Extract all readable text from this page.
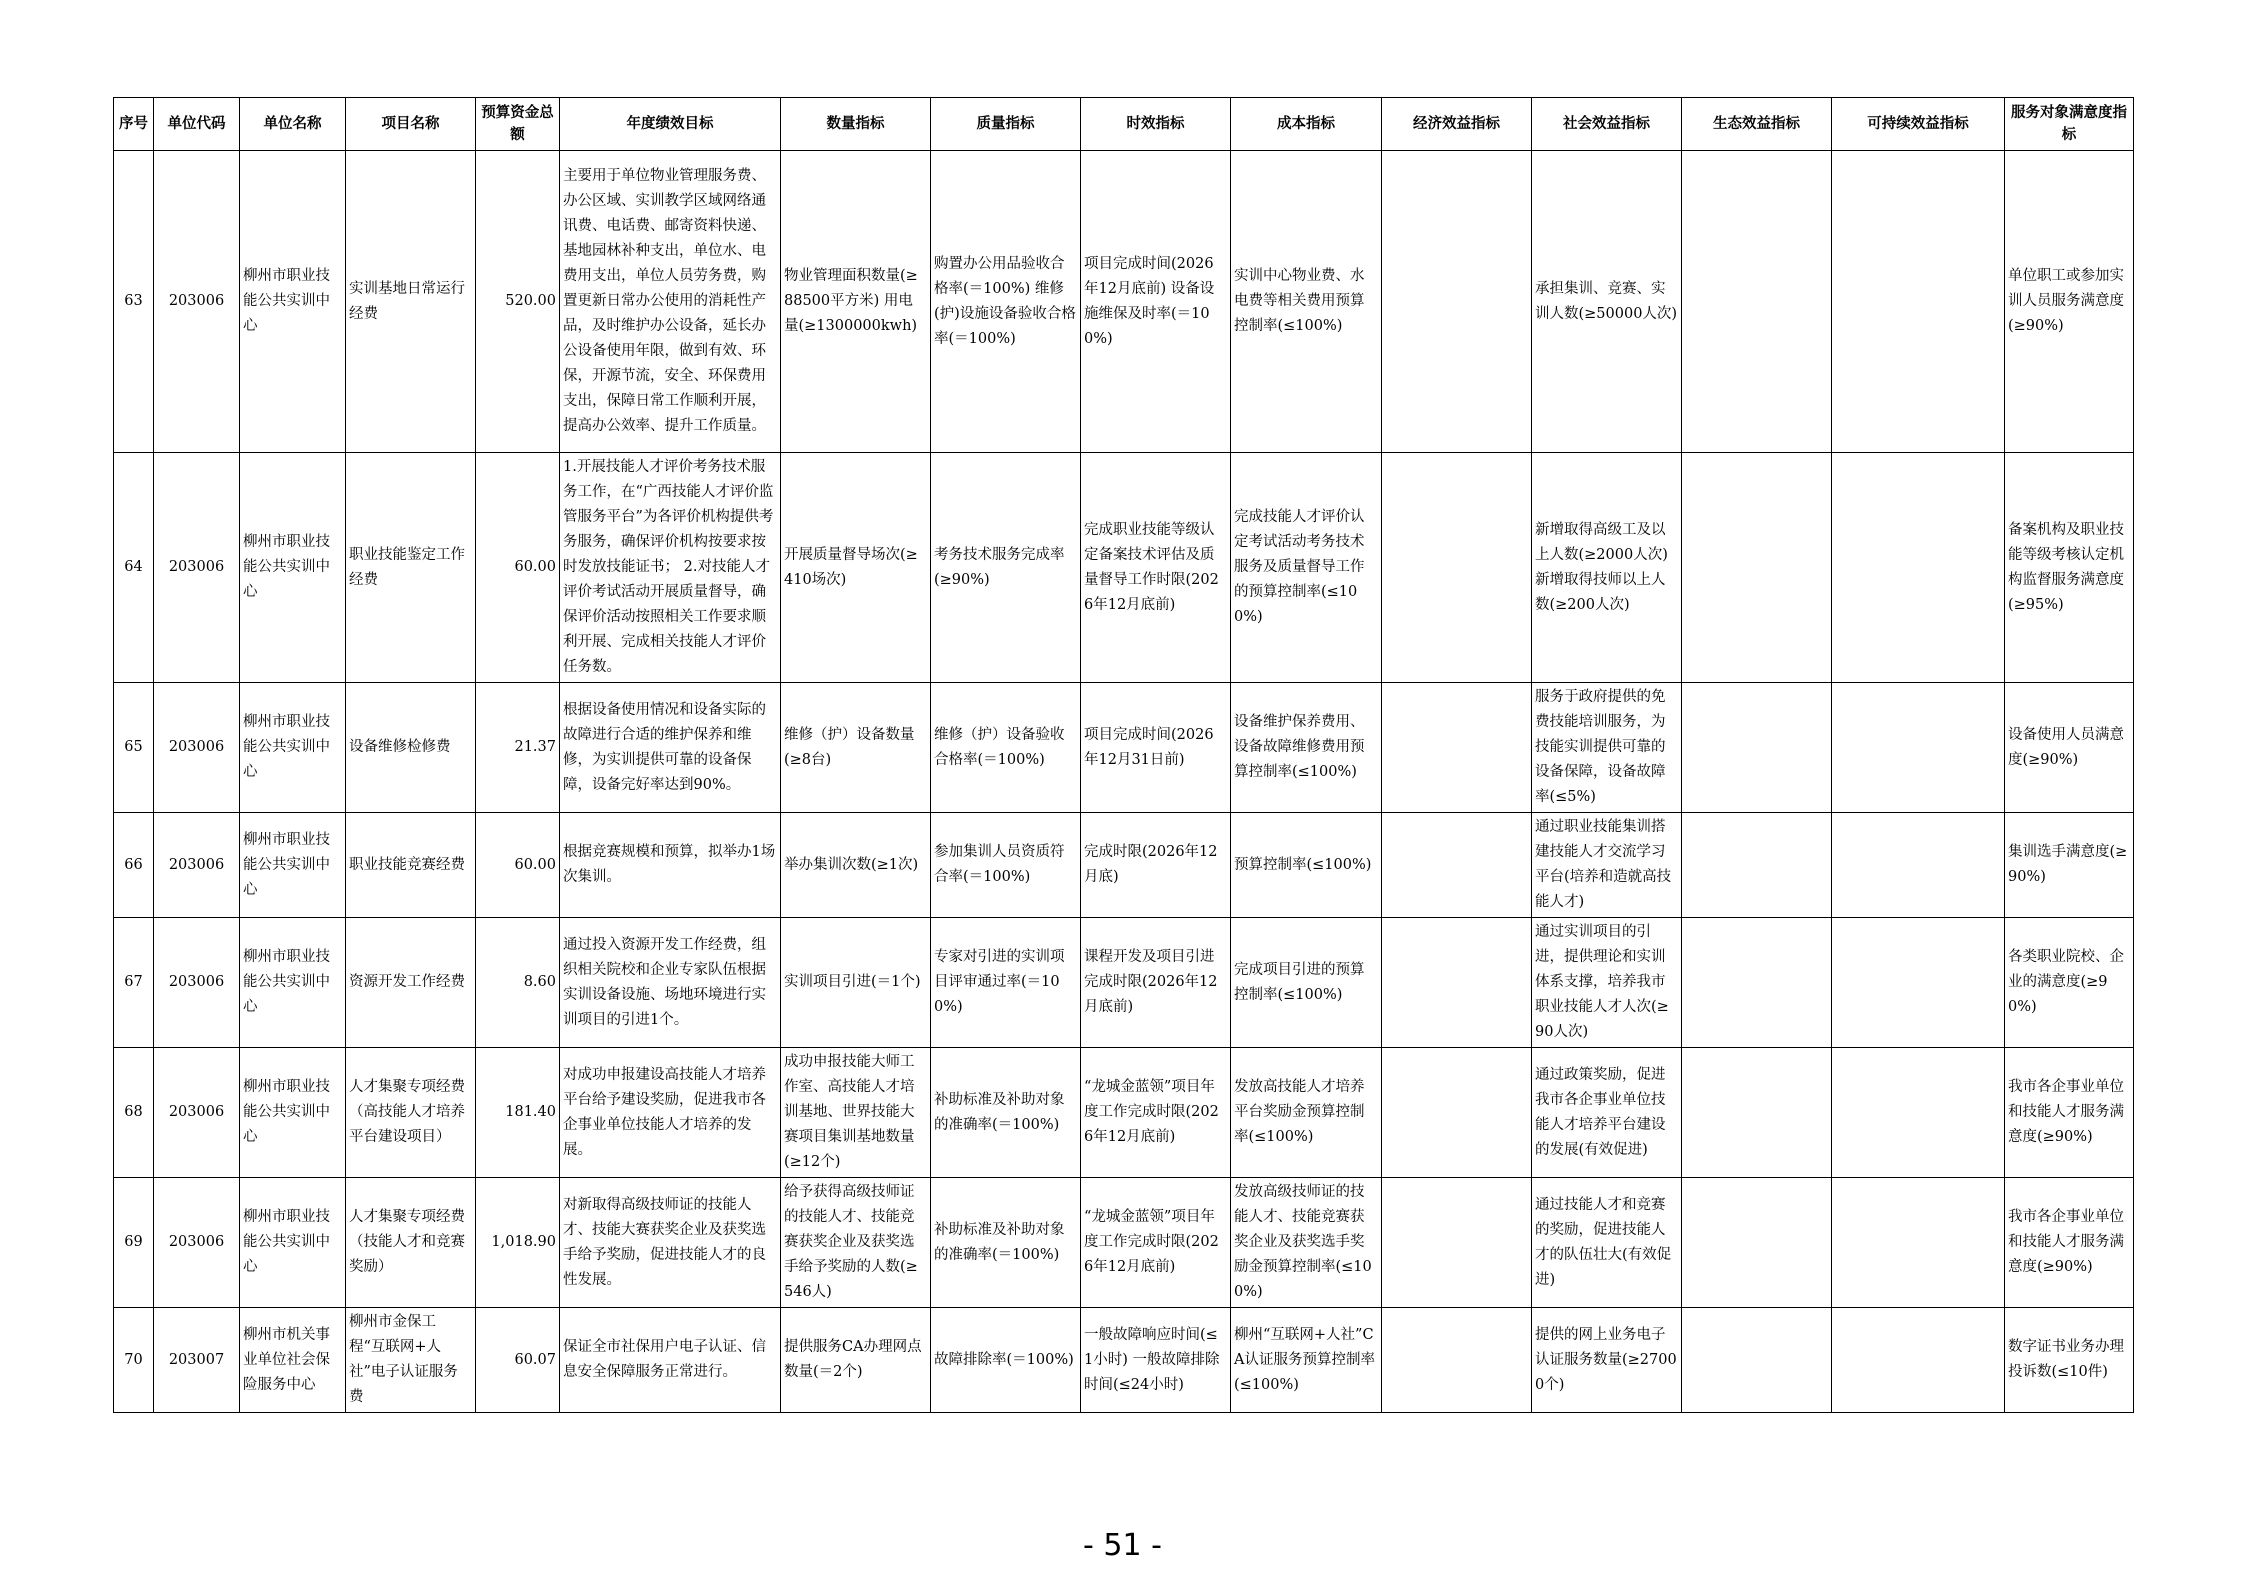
序号	单位代码	单位名称	项目名称	预算资金总额	年度绩效目标	数量指标	质量指标	时效指标	成本指标	经济效益指标	社会效益指标	生态效益指标	可持续效益指标	服务对象满意度指标
63	203006	柳州市职业技能公共实训中心	实训基地日常运行经费	520.00	主要用于单位物业管理服务费、办公区域、实训教学区域网络通讯费、电话费、邮寄资料快递、基地园林补种支出，单位水、电费用支出，单位人员劳务费，购置更新日常办公使用的消耗性产品，及时维护办公设备，延长办公设备使用年限，做到有效、环保，开源节流，安全、环保费用支出，保障日常工作顺利开展，提高办公效率、提升工作质量。	物业管理面积数量(≥88500平方米) 用电量(≥1300000kwh)	购置办公用品验收合格率(＝100%) 维修(护)设施设备验收合格率(＝100%)	项目完成时间(2026年12月底前) 设备设施维保及时率(＝100%)	实训中心物业费、水电费等相关费用预算控制率(≤100%)		承担集训、竞赛、实训人数(≥50000人次)			单位职工或参加实训人员服务满意度(≥90%)
64	203006	柳州市职业技能公共实训中心	职业技能鉴定工作经费	60.00	1.开展技能人才评价考务技术服务工作，在“广西技能人才评价监管服务平台”为各评价机构提供考务服务，确保评价机构按要求按时发放技能证书； 2.对技能人才评价考试活动开展质量督导，确保评价活动按照相关工作要求顺利开展、完成相关技能人才评价任务数。	开展质量督导场次(≥410场次)	考务技术服务完成率(≥90%)	完成职业技能等级认定备案技术评估及质量督导工作时限(2026年12月底前)	完成技能人才评价认定考试活动考务技术服务及质量督导工作的预算控制率(≤100%)		新增取得高级工及以上人数(≥2000人次) 新增取得技师以上人数(≥200人次)			备案机构及职业技能等级考核认定机构监督服务满意度(≥95%)
65	203006	柳州市职业技能公共实训中心	设备维修检修费	21.37	根据设备使用情况和设备实际的故障进行合适的维护保养和维修，为实训提供可靠的设备保障，设备完好率达到90%。	维修（护）设备数量(≥8台)	维修（护）设备验收合格率(＝100%)	项目完成时间(2026年12月31日前)	设备维护保养费用、设备故障维修费用预算控制率(≤100%)		服务于政府提供的免费技能培训服务，为技能实训提供可靠的设备保障，设备故障率(≤5%)			设备使用人员满意度(≥90%)
66	203006	柳州市职业技能公共实训中心	职业技能竞赛经费	60.00	根据竞赛规模和预算，拟举办1场次集训。	举办集训次数(≥1次)	参加集训人员资质符合率(＝100%)	完成时限(2026年12月底)	预算控制率(≤100%)		通过职业技能集训搭建技能人才交流学习平台(培养和造就高技能人才)			集训选手满意度(≥90%)
67	203006	柳州市职业技能公共实训中心	资源开发工作经费	8.60	通过投入资源开发工作经费，组织相关院校和企业专家队伍根据实训设备设施、场地环境进行实训项目的引进1个。	实训项目引进(＝1个)	专家对引进的实训项目评审通过率(＝100%)	课程开发及项目引进完成时限(2026年12月底前)	完成项目引进的预算控制率(≤100%)		通过实训项目的引进，提供理论和实训体系支撑，培养我市职业技能人才人次(≥90人次)			各类职业院校、企业的满意度(≥90%)
68	203006	柳州市职业技能公共实训中心	人才集聚专项经费（高技能人才培养平台建设项目）	181.40	对成功申报建设高技能人才培养平台给予建设奖励，促进我市各企事业单位技能人才培养的发展。	成功申报技能大师工作室、高技能人才培训基地、世界技能大赛项目集训基地数量(≥12个)	补助标准及补助对象的准确率(＝100%)	“龙城金蓝领”项目年度工作完成时限(2026年12月底前)	发放高技能人才培养平台奖励金预算控制率(≤100%)		通过政策奖励，促进我市各企事业单位技能人才培养平台建设的发展(有效促进)			我市各企事业单位和技能人才服务满意度(≥90%)
69	203006	柳州市职业技能公共实训中心	人才集聚专项经费（技能人才和竞赛奖励）	1,018.90	对新取得高级技师证的技能人才、技能大赛获奖企业及获奖选手给予奖励，促进技能人才的良性发展。	给予获得高级技师证的技能人才、技能竞赛获奖企业及获奖选手给予奖励的人数(≥546人)	补助标准及补助对象的准确率(＝100%)	“龙城金蓝领”项目年度工作完成时限(2026年12月底前)	发放高级技师证的技能人才、技能竞赛获奖企业及获奖选手奖励金预算控制率(≤100%)		通过技能人才和竞赛的奖励，促进技能人才的队伍壮大(有效促进)			我市各企事业单位和技能人才服务满意度(≥90%)
70	203007	柳州市机关事业单位社会保险服务中心	柳州市金保工程“互联网+人社”电子认证服务费	60.07	保证全市社保用户电子认证、信息安全保障服务正常进行。	提供服务CA办理网点数量(＝2个)	故障排除率(＝100%)	一般故障响应时间(≤1小时) 一般故障排除时间(≤24小时)	柳州“互联网+人社”CA认证服务预算控制率(≤100%)		提供的网上业务电子认证服务数量(≥27000个)			数字证书业务办理投诉数(≤10件)
- 51 -
